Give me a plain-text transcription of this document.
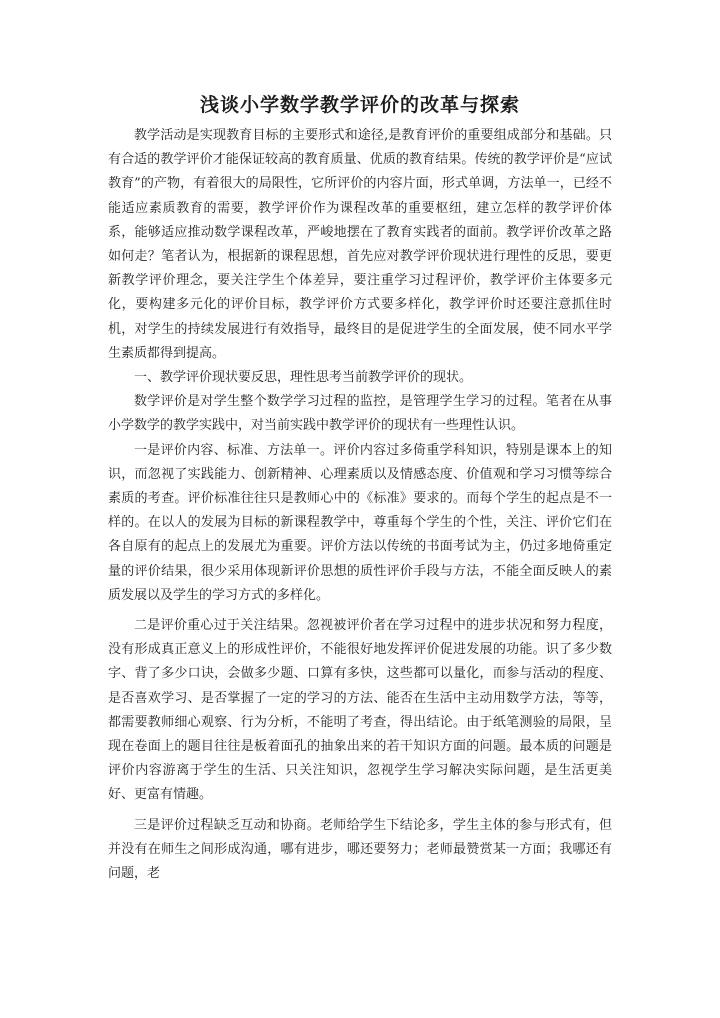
浅谈小学数学教学评价的改革与探索

教学活动是实现教育目标的主要形式和途径,是教育评价的重要组成部分和基础。只有合适的教学评价才能保证较高的教育质量、优质的教育结果。传统的教学评价是“应试教育”的产物，有着很大的局限性，它所评价的内容片面，形式单调，方法单一，已经不能适应素质教育的需要，教学评价作为课程改革的重要枢纽，建立怎样的教学评价体系，能够适应推动数学课程改革，严峻地摆在了教育实践者的面前。教学评价改革之路如何走？笔者认为，根据新的课程思想，首先应对教学评价现状进行理性的反思，要更新教学评价理念，要关注学生个体差异，要注重学习过程评价，教学评价主体要多元化，要构建多元化的评价目标，教学评价方式要多样化，教学评价时还要注意抓住时机，对学生的持续发展进行有效指导，最终目的是促进学生的全面发展，使不同水平学生素质都得到提高。

一、教学评价现状要反思，理性思考当前教学评价的现状。

数学评价是对学生整个数学学习过程的监控，是管理学生学习的过程。笔者在从事小学数学的教学实践中，对当前实践中教学评价的现状有一些理性认识。

一是评价内容、标准、方法单一。评价内容过多倚重学科知识，特别是课本上的知识，而忽视了实践能力、创新精神、心理素质以及情感态度、价值观和学习习惯等综合素质的考查。评价标准往往只是教师心中的《标准》要求的。而每个学生的起点是不一样的。在以人的发展为目标的新课程教学中，尊重每个学生的个性，关注、评价它们在各自原有的起点上的发展尤为重要。评价方法以传统的书面考试为主，仍过多地倚重定量的评价结果，很少采用体现新评价思想的质性评价手段与方法，不能全面反映人的素质发展以及学生的学习方式的多样化。

二是评价重心过于关注结果。忽视被评价者在学习过程中的进步状况和努力程度，没有形成真正意义上的形成性评价，不能很好地发挥评价促进发展的功能。识了多少数字、背了多少口诀，会做多少题、口算有多快，这些都可以量化，而参与活动的程度、是否喜欢学习、是否掌握了一定的学习的方法、能否在生活中主动用数学方法，等等，都需要教师细心观察、行为分析，不能明了考查，得出结论。由于纸笔测验的局限，呈现在卷面上的题目往往是板着面孔的抽象出来的若干知识方面的问题。最本质的问题是评价内容游离于学生的生活、只关注知识，忽视学生学习解决实际问题，是生活更美好、更富有情趣。

三是评价过程缺乏互动和协商。老师给学生下结论多，学生主体的参与形式有，但并没有在师生之间形成沟通，哪有进步，哪还要努力；老师最赞赏某一方面；我哪还有问题，老
